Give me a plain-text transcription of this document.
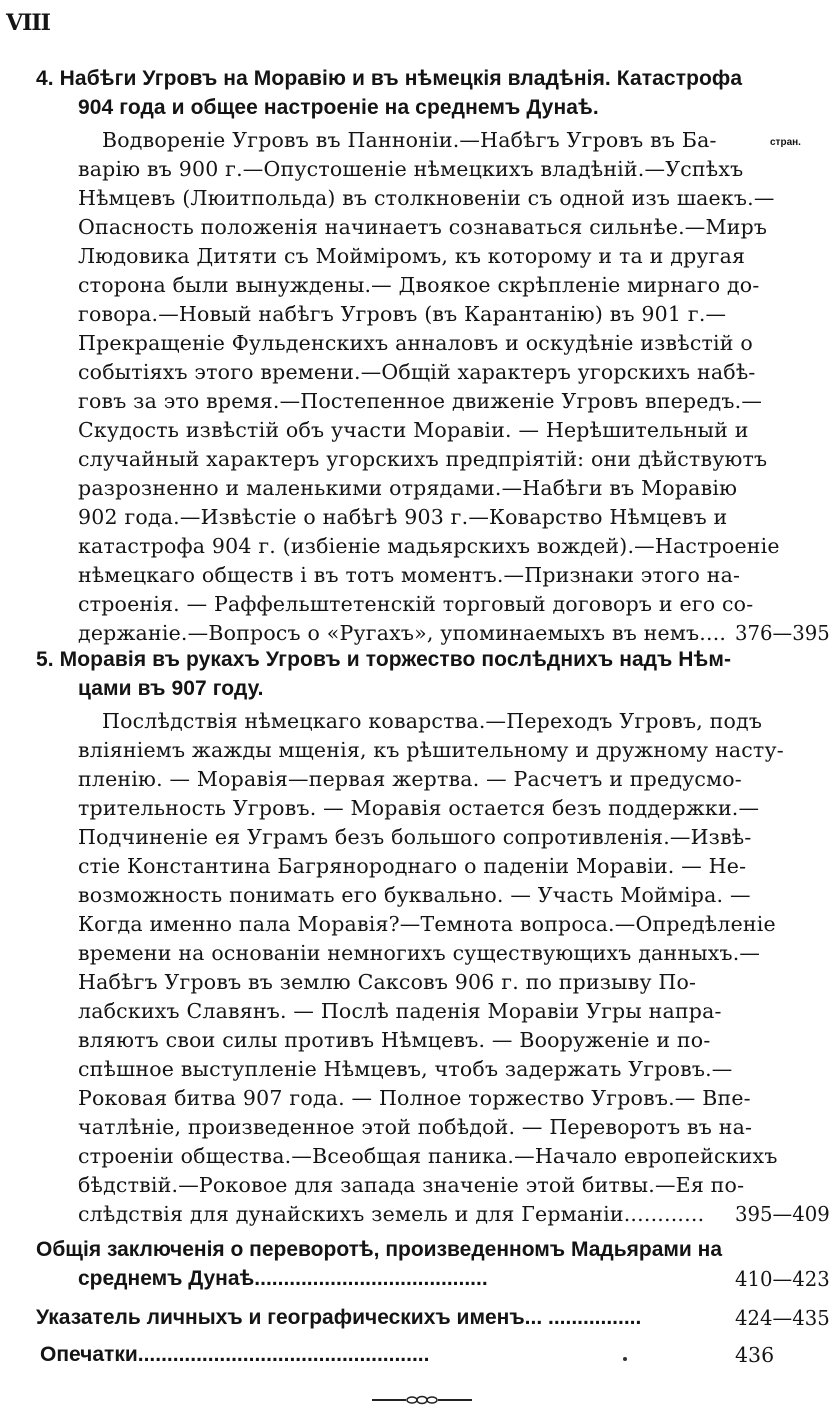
VIII
стран.
4. Набѣги Угровъ на Моравію и въ нѣмецкія владѣнія. Катастрофа
904 года и общее настроеніе на среднемъ Дунаѣ.
Водвореніе Угровъ въ Панноніи.—Набѣгъ Угровъ въ Ба-
варію въ 900 г.—Опустошеніе нѣмецкихъ владѣній.—Успѣхъ
Нѣмцевъ (Люитпольда) въ столкновеніи съ одной изъ шаекъ.—
Опасность положенія начинаетъ сознаваться сильнѣе.—Миръ
Людовика Дитяти съ Мойміромъ, къ которому и та и другая
сторона были вынуждены.— Двоякое скрѣпленіе мирнаго до-
говора.—Новый набѣгъ Угровъ (въ Карантанію) въ 901 г.—
Прекращеніе Фульденскихъ анналовъ и оскудѣніе извѣстій о
событіяхъ этого времени.—Общій характеръ угорскихъ набѣ-
говъ за это время.—Постепенное движеніе Угровъ впередъ.—
Скудость извѣстій объ участи Моравіи. — Нерѣшительный и
случайный характеръ угорскихъ предпріятій: они дѣйствуютъ
разрозненно и маленькими отрядами.—Набѣги въ Моравію
902 года.—Извѣстіе о набѣгѣ 903 г.—Коварство Нѣмцевъ и
катастрофа 904 г. (избіеніе мадьярскихъ вождей).—Настроеніе
нѣмецкаго обществ i въ тотъ моментъ.—Признаки этого на-
строенія. — Раффельштетенскій торговый договоръ и его со-
держаніе.—Вопросъ о «Ругахъ», упоминаемыхъ въ немъ.... 376—395
5. Моравія въ рукахъ Угровъ и торжество послѣднихъ надъ Нѣм-
цами въ 907 году.
Послѣдствія нѣмецкаго коварства.—Переходъ Угровъ, подъ
вліяніемъ жажды мщенія, къ рѣшительному и дружному насту-
пленію. — Моравія—первая жертва. — Расчетъ и предусмо-
трительность Угровъ. — Моравія остается безъ поддержки.—
Подчиненіе ея Уграмъ безъ большого сопротивленія.—Извѣ-
стіе Константина Багрянороднаго о паденіи Моравіи. — Не-
возможность понимать его буквально. — Участь Мойміра. —
Когда именно пала Моравія?—Темнота вопроса.—Опредѣленіе
времени на основаніи немногихъ существующихъ данныхъ.—
Набѣгъ Угровъ въ землю Саксовъ 906 г. по призыву По-
лабскихъ Славянъ. — Послѣ паденія Моравіи Угры напра-
вляютъ свои силы противъ Нѣмцевъ. — Вооруженіе и по-
спѣшное выступленіе Нѣмцевъ, чтобъ задержать Угровъ.—
Роковая битва 907 года. — Полное торжество Угровъ.— Впе-
чатлѣніе, произведенное этой побѣдой. — Переворотъ въ на-
строеніи общества.—Всеобщая паника.—Начало европейскихъ
бѣдствій.—Роковое для запада значеніе этой битвы.—Ея по-
слѣдствія для дунайскихъ земель и для Германіи............ 395—409
Общія заключенія о переворотѣ, произведенномъ Мадьярами на
среднемъ Дунаѣ........................................	410—423
Указатель личныхъ и географическихъ именъ... ................	424—435
Опечатки..................................................	436
